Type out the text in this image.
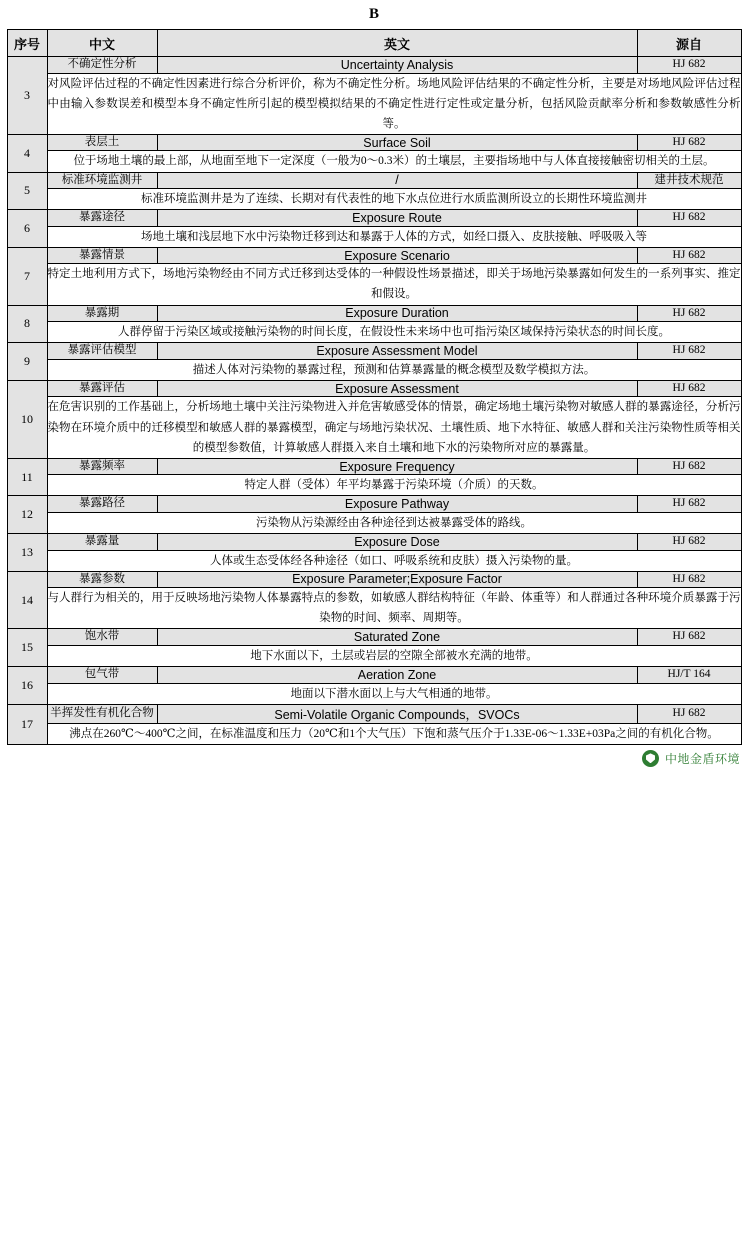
B
序号	中文	英文	源自
3	不确定性分析	Uncertainty Analysis	HJ 682
	对风险评估过程的不确定性因素进行综合分析评价，称为不确定性分析。场地风险评估结果的不确定性分析，主要是对场地风险评估过程中由输入参数误差和模型本身不确定性所引起的模型模拟结果的不确定性进行定性或定量分析，包括风险贡献率分析和参数敏感性分析等。		
4	表层土	Surface Soil	HJ 682
	位于场地土壤的最上部，从地面至地下一定深度（一般为0～0.3米）的土壤层，主要指场地中与人体直接接触密切相关的土层。		
5	标准环境监测井	/	建井技术规范
	标准环境监测井是为了连续、长期对有代表性的地下水点位进行水质监测所设立的长期性环境监测井		
6	暴露途径	Exposure Route	HJ 682
	场地土壤和浅层地下水中污染物迁移到达和暴露于人体的方式，如经口摄入、皮肤接触、呼吸吸入等		
7	暴露情景	Exposure Scenario	HJ 682
	特定土地利用方式下，场地污染物经由不同方式迁移到达受体的一种假设性场景描述，即关于场地污染暴露如何发生的一系列事实、推定和假设。		
8	暴露期	Exposure Duration	HJ 682
	人群停留于污染区域或接触污染物的时间长度，在假设性未来场中也可指污染区域保持污染状态的时间长度。		
9	暴露评估模型	Exposure Assessment Model	HJ 682
	描述人体对污染物的暴露过程，预测和估算暴露量的概念模型及数学模拟方法。		
10	暴露评估	Exposure Assessment	HJ 682
	在危害识别的工作基础上，分析场地土壤中关注污染物进入并危害敏感受体的情景，确定场地土壤污染物对敏感人群的暴露途径，分析污染物在环境介质中的迁移模型和敏感人群的暴露模型，确定与场地污染状况、土壤性质、地下水特征、敏感人群和关注污染物性质等相关的模型参数值，计算敏感人群摄入来自土壤和地下水的污染物所对应的暴露量。		
11	暴露频率	Exposure Frequency	HJ 682
	特定人群（受体）年平均暴露于污染环境（介质）的天数。		
12	暴露路径	Exposure Pathway	HJ 682
	污染物从污染源经由各种途径到达被暴露受体的路线。		
13	暴露量	Exposure Dose	HJ 682
	人体或生态受体经各种途径（如口、呼吸系统和皮肤）摄入污染物的量。		
14	暴露参数	Exposure Parameter;Exposure Factor	HJ 682
	与人群行为相关的，用于反映场地污染物人体暴露特点的参数，如敏感人群结构特征（年龄、体重等）和人群通过各种环境介质暴露于污染物的时间、频率、周期等。		
15	饱水带	Saturated Zone	HJ 682
	地下水面以下，土层或岩层的空隙全部被水充满的地带。		
16	包气带	Aeration Zone	HJ/T 164
	地面以下潜水面以上与大气相通的地带。		
17	半挥发性有机化合物	Semi-Volatile Organic Compounds，SVOCs	HJ 682
	沸点在260℃～400℃之间，在标准温度和压力（20℃和1个大气压）下饱和蒸气压介于1.33E-06～1.33E+03Pa之间的有机化合物。		
中地金盾环境
